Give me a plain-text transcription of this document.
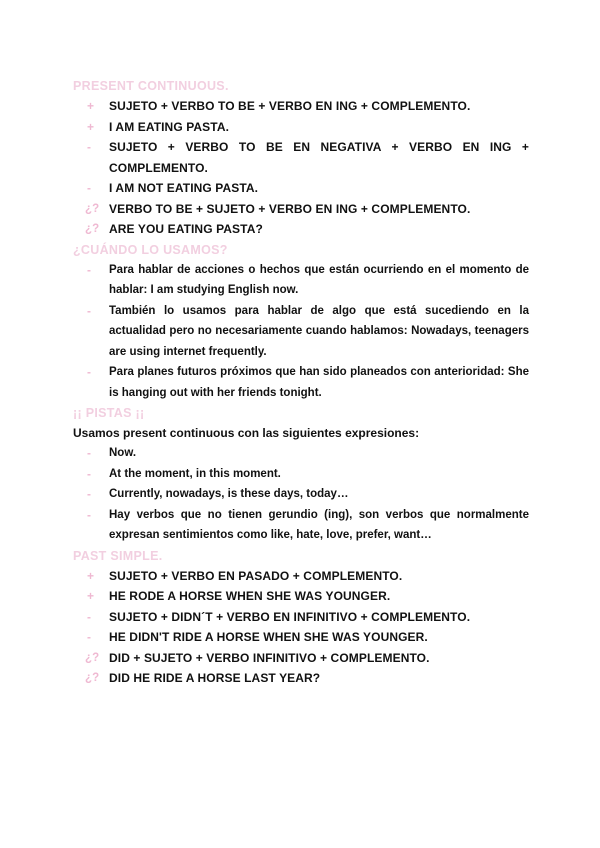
PRESENT CONTINUOUS.
+	SUJETO + VERBO TO BE + VERBO EN ING + COMPLEMENTO.
+	I AM EATING PASTA.
-	SUJETO + VERBO TO BE EN NEGATIVA + VERBO EN ING + COMPLEMENTO.
-	I AM NOT EATING PASTA.
¿? VERBO TO BE + SUJETO + VERBO EN ING + COMPLEMENTO.
¿? ARE YOU EATING PASTA?
¿CUÁNDO LO USAMOS?
-	Para hablar de acciones o hechos que están ocurriendo en el momento de hablar: I am studying English now.
-	También lo usamos para hablar de algo que está sucediendo en la actualidad pero no necesariamente cuando hablamos: Nowadays, teenagers are using internet frequently.
-	Para planes futuros próximos que han sido planeados con anterioridad: She is hanging out with her friends tonight.
¡¡ PISTAS ¡¡
Usamos present continuous con las siguientes expresiones:
-	Now.
-	At the moment, in this moment.
-	Currently, nowadays, is these days, today…
-	Hay verbos que no tienen gerundio (ing), son verbos que normalmente expresan sentimientos como like, hate, love, prefer, want…
PAST SIMPLE.
+	SUJETO + VERBO EN PASADO + COMPLEMENTO.
+	HE RODE A HORSE WHEN SHE WAS YOUNGER.
-	SUJETO + DIDN´T + VERBO EN INFINITIVO + COMPLEMENTO.
-	HE DIDN'T RIDE A HORSE WHEN SHE WAS YOUNGER.
¿? DID + SUJETO + VERBO INFINITIVO + COMPLEMENTO.
¿? DID HE RIDE A HORSE LAST YEAR?
